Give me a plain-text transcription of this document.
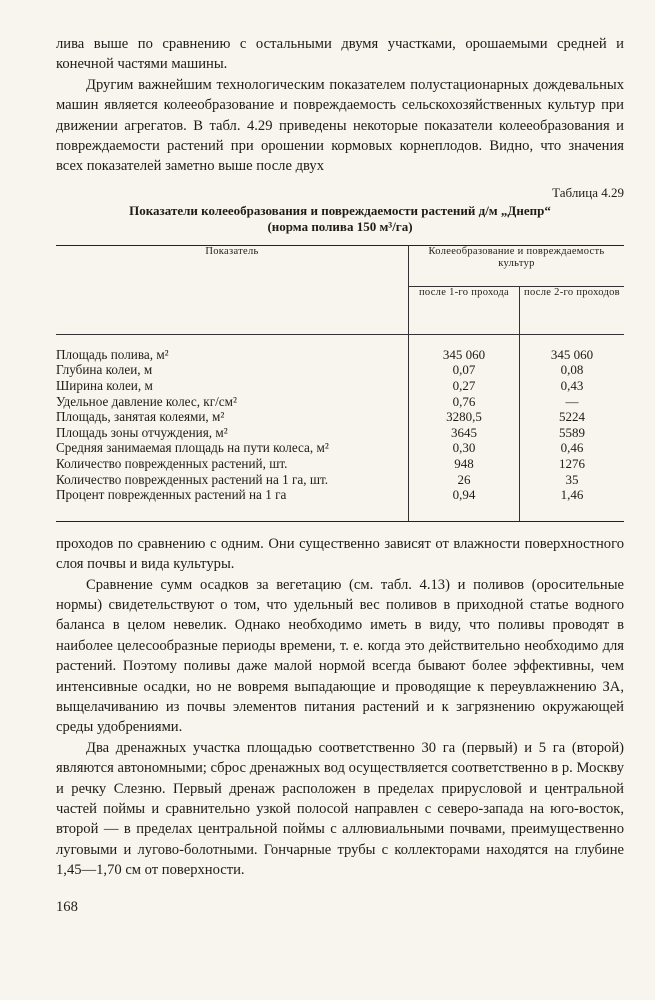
лива выше по сравнению с остальными двумя участками, орошаемыми средней и конечной частями машины.

Другим важнейшим технологическим показателем полустационарных дождевальных машин является колееобразование и повреждаемость сельскохозяйственных культур при движении агрегатов. В табл. 4.29 приведены некоторые показатели колееобразования и повреждаемости растений при орошении кормовых корнеплодов. Видно, что значения всех показателей заметно выше после двух

Таблица 4.29

Показатели колееобразования и повреждаемости растений д/м „Днепр“

(норма полива 150 м³/га)

Показатель	Колееобразование и повреждаемость культур	
	после 1-го прохода	после 2-го проходов

Площадь полива, м²	345 060	345 060
Глубина колеи, м	0,07	0,08
Ширина колеи, м	0,27	0,43
Удельное давление колес, кг/см²	0,76	—
Площадь, занятая колеями, м²	3280,5	5224
Площадь зоны отчуждения, м²	3645	5589
Средняя занимаемая площадь на пути колеса, м²	0,30	0,46
Количество поврежденных растений, шт.	948	1276
Количество поврежденных растений на 1 га, шт.	26	35
Процент поврежденных растений на 1 га	0,94	1,46

проходов по сравнению с одним. Они существенно зависят от влажности поверхностного слоя почвы и вида культуры.

Сравнение сумм осадков за вегетацию (см. табл. 4.13) и поливов (оросительные нормы) свидетельствуют о том, что удельный вес поливов в приходной статье водного баланса в целом невелик. Однако необходимо иметь в виду, что поливы проводят в наиболее целесообразные периоды времени, т. е. когда это действительно необходимо для растений. Поэтому поливы даже малой нормой всегда бывают более эффективны, чем интенсивные осадки, но не вовремя выпадающие и проводящие к переувлажнению ЗА, выщелачиванию из почвы элементов питания растений и к загрязнению окружающей среды удобрениями.

Два дренажных участка площадью соответственно 30 га (первый) и 5 га (второй) являются автономными; сброс дренажных вод осуществляется соответственно в р. Москву и речку Слезню. Первый дренаж расположен в пределах прирусловой и центральной частей поймы и сравнительно узкой полосой направлен с северо-запада на юго-восток, второй — в пределах центральной поймы с аллювиальными почвами, преимущественно луговыми и лугово-болотными. Гончарные трубы с коллекторами находятся на глубине 1,45—1,70 см от поверхности.

168
